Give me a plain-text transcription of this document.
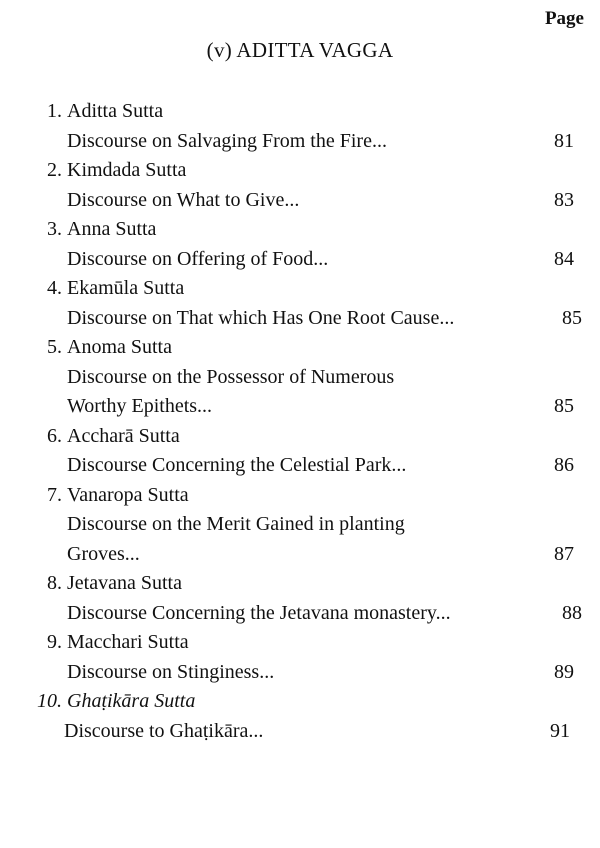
Page
(v) ADITTA VAGGA
1. Aditta Sutta
Discourse on Salvaging From the Fire...	81
2. Kimdada Sutta
Discourse on What to Give...	83
3. Anna Sutta
Discourse on Offering of Food...	84
4. Ekamūla Sutta
Discourse on That which Has One Root Cause...	85
5. Anoma Sutta
Discourse on the Possessor of Numerous
Worthy Epithets...	85
6. Accharā Sutta
Discourse Concerning the Celestial Park...	86
7. Vanaropa Sutta
Discourse on the Merit Gained in planting
Groves...	87
8. Jetavana Sutta
Discourse Concerning the Jetavana monastery...	88
9. Macchari Sutta
Discourse on Stinginess...	89
10. Ghaṭikāra Sutta
Discourse to Ghaṭikāra...	91
